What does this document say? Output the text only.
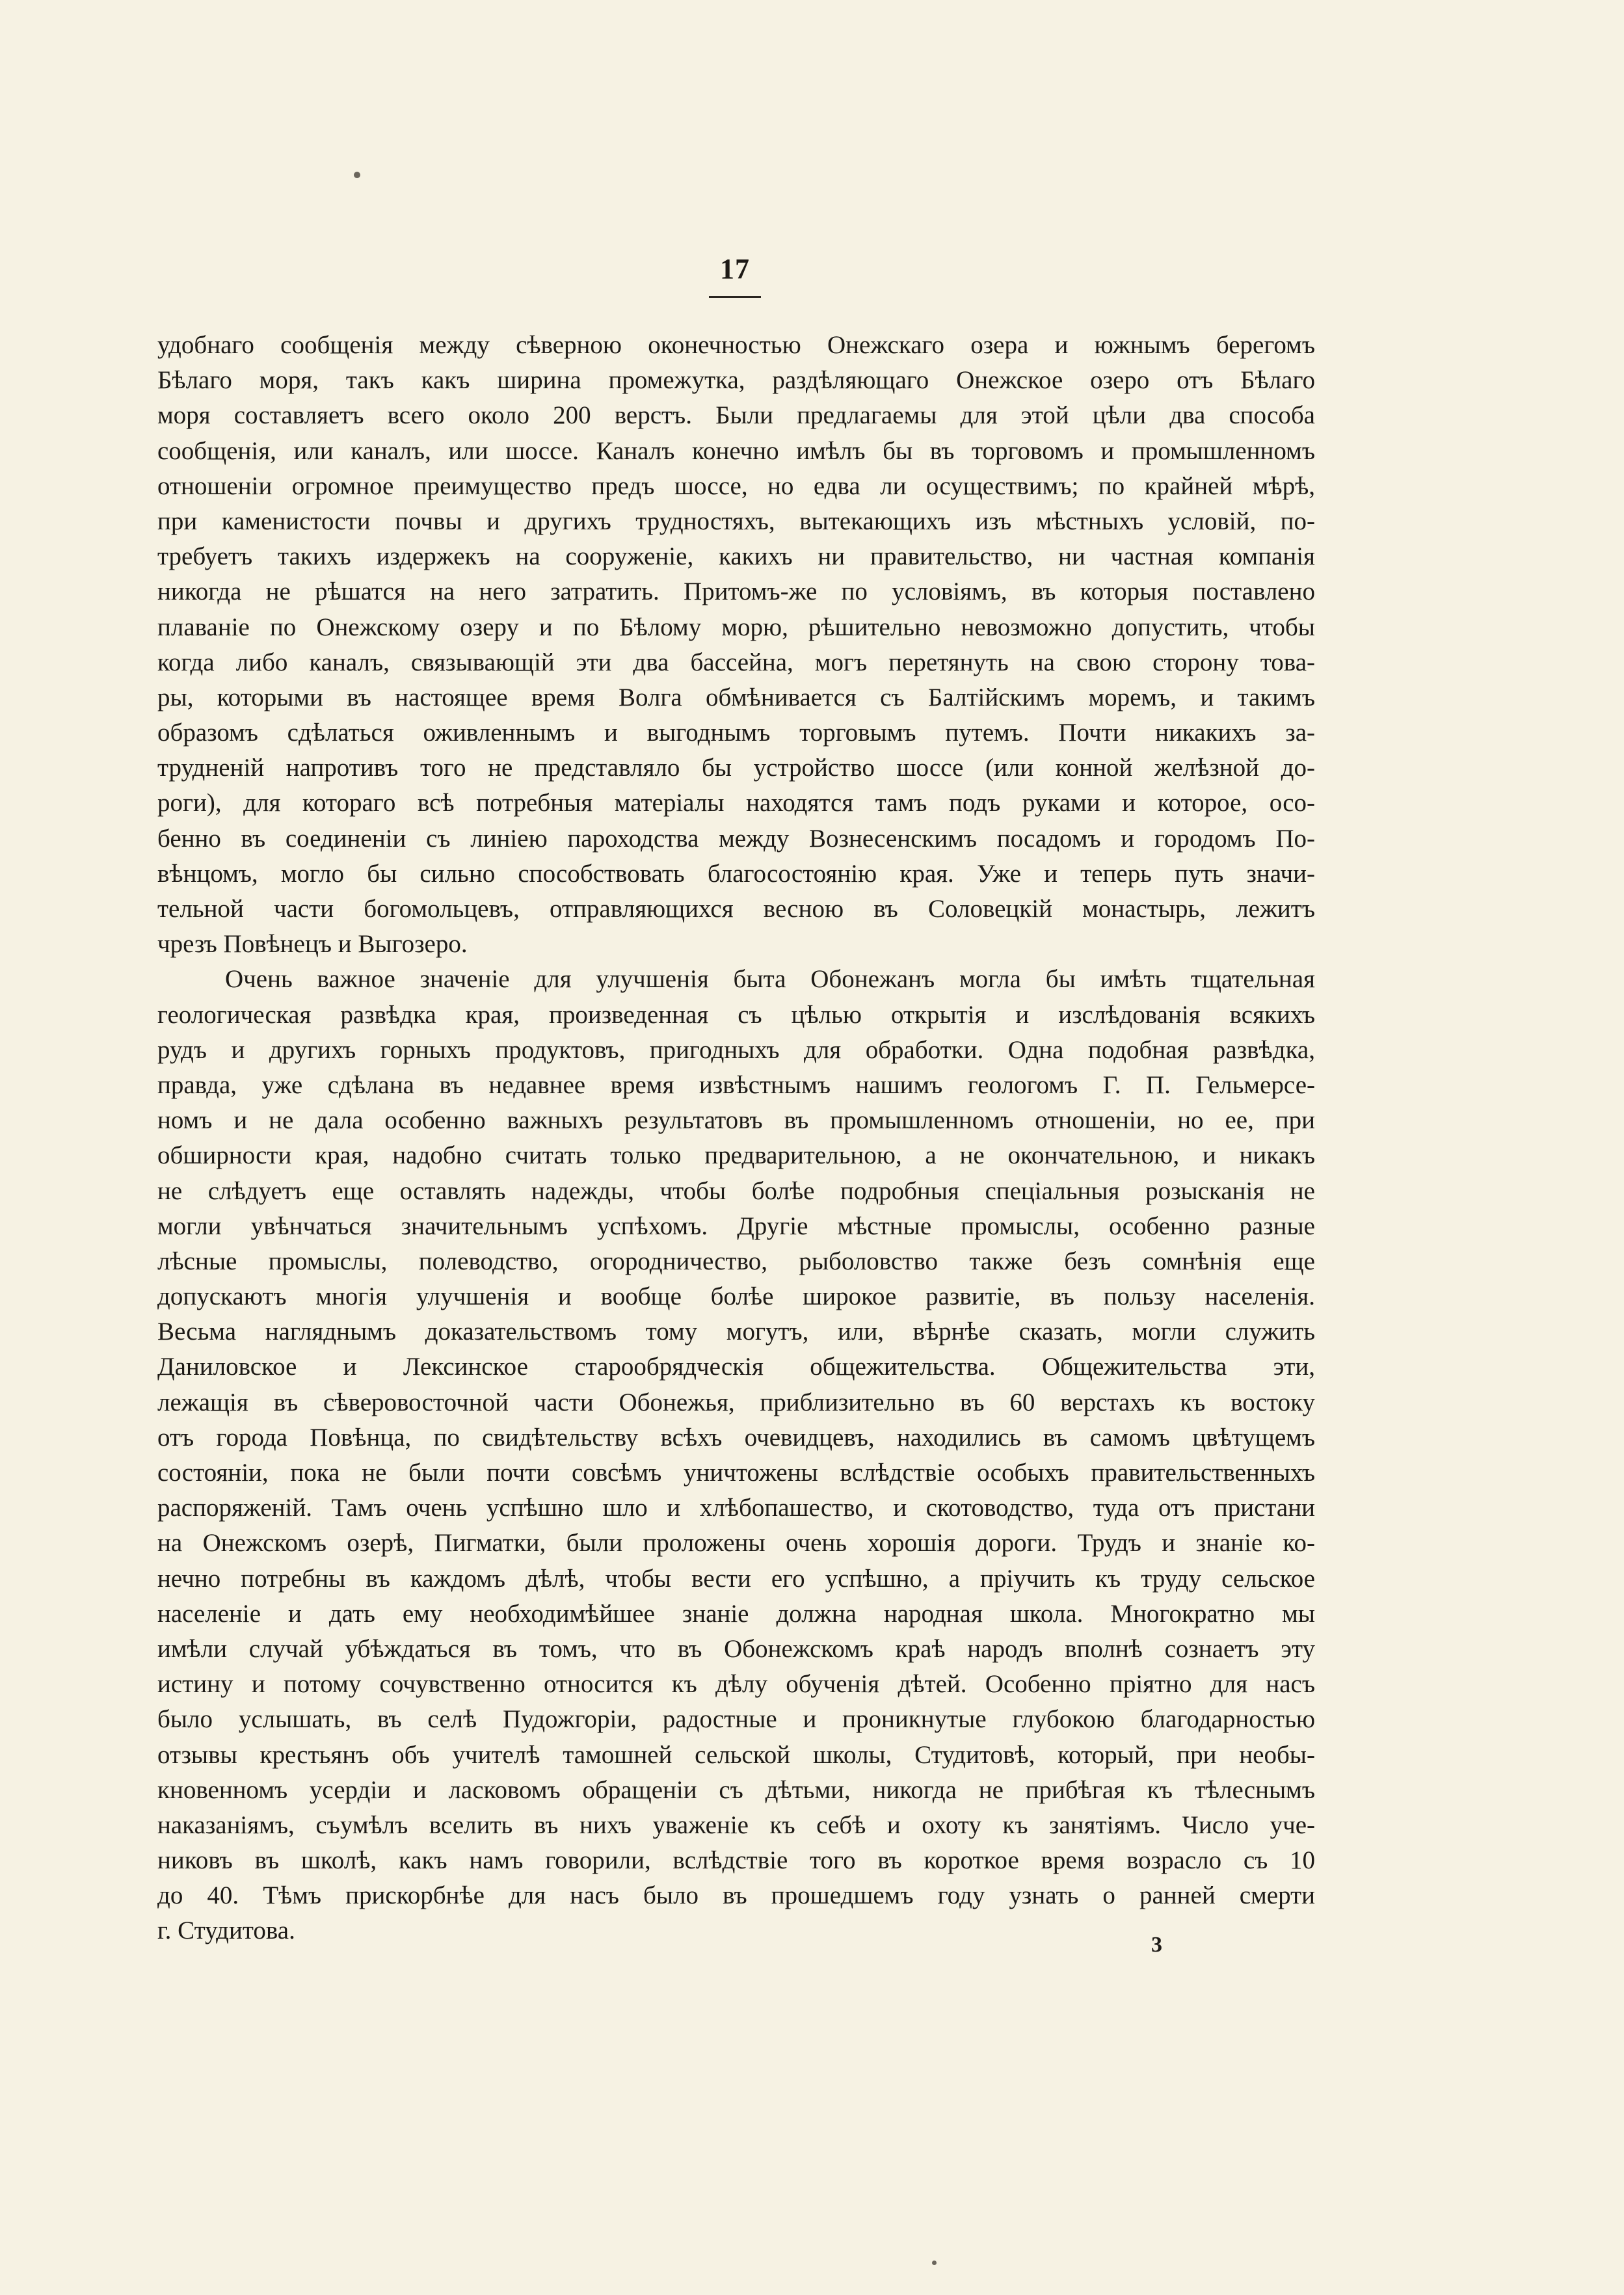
17
удобнаго сообщенія между сѣверною оконечностью Онежскаго озера и южнымъ берегомъ
Бѣлаго моря, такъ какъ ширина промежутка, раздѣляющаго Онежское озеро отъ Бѣлаго
моря составляетъ всего около 200 верстъ. Были предлагаемы для этой цѣли два способа
сообщенія, или каналъ, или шоссе. Каналъ конечно имѣлъ бы въ торговомъ и промышленномъ
отношеніи огромное преимущество предъ шоссе, но едва ли осуществимъ; по крайней мѣрѣ,
при каменистости почвы и другихъ трудностяхъ, вытекающихъ изъ мѣстныхъ условій, по-
требуетъ такихъ издержекъ на сооруженіе, какихъ ни правительство, ни частная компанія
никогда не рѣшатся на него затратить. Притомъ-же по условіямъ, въ которыя поставлено
плаваніе по Онежскому озеру и по Бѣлому морю, рѣшительно невозможно допустить, чтобы
когда либо каналъ, связывающій эти два бассейна, могъ перетянуть на свою сторону това-
ры, которыми въ настоящее время Волга обмѣнивается съ Балтійскимъ моремъ, и такимъ
образомъ сдѣлаться оживленнымъ и выгоднымъ торговымъ путемъ. Почти никакихъ за-
трудненій напротивъ того не представляло бы устройство шоссе (или конной желѣзной до-
роги), для котораго всѣ потребныя матеріалы находятся тамъ подъ руками и которое, осо-
бенно въ соединеніи съ линіею пароходства между Вознесенскимъ посадомъ и городомъ По-
вѣнцомъ, могло бы сильно способствовать благосостоянію края. Уже и теперь путь значи-
тельной части богомольцевъ, отправляющихся весною въ Соловецкій монастырь, лежитъ
чрезъ Повѣнецъ и Выгозеро.
Очень важное значеніе для улучшенія быта Обонежанъ могла бы имѣть тщательная
геологическая развѣдка края, произведенная съ цѣлью открытія и изслѣдованія всякихъ
рудъ и другихъ горныхъ продуктовъ, пригодныхъ для обработки. Одна подобная развѣдка,
правда, уже сдѣлана въ недавнее время извѣстнымъ нашимъ геологомъ Г. П. Гельмерсе-
номъ и не дала особенно важныхъ результатовъ въ промышленномъ отношеніи, но ее, при
обширности края, надобно считать только предварительною, а не окончательною, и никакъ
не слѣдуетъ еще оставлять надежды, чтобы болѣе подробныя спеціальныя розысканія не
могли увѣнчаться значительнымъ успѣхомъ. Другіе мѣстные промыслы, особенно разные
лѣсные промыслы, полеводство, огородничество, рыболовство также безъ сомнѣнія еще
допускаютъ многія улучшенія и вообще болѣе широкое развитіе, въ пользу населенія.
Весьма нагляднымъ доказательствомъ тому могутъ, или, вѣрнѣе сказать, могли служить
Даниловское и Лексинское старообрядческія общежительства. Общежительства эти,
лежащія въ сѣверовосточной части Обонежья, приблизительно въ 60 верстахъ къ востоку
отъ города Повѣнца, по свидѣтельству всѣхъ очевидцевъ, находились въ самомъ цвѣтущемъ
состояніи, пока не были почти совсѣмъ уничтожены вслѣдствіе особыхъ правительственныхъ
распоряженій. Тамъ очень успѣшно шло и хлѣбопашество, и скотоводство, туда отъ пристани
на Онежскомъ озерѣ, Пигматки, были проложены очень хорошія дороги. Трудъ и знаніе ко-
нечно потребны въ каждомъ дѣлѣ, чтобы вести его успѣшно, а пріучить къ труду сельское
населеніе и дать ему необходимѣйшее знаніе должна народная школа. Многократно мы
имѣли случай убѣждаться въ томъ, что въ Обонежскомъ краѣ народъ вполнѣ сознаетъ эту
истину и потому сочувственно относится къ дѣлу обученія дѣтей. Особенно пріятно для насъ
было услышать, въ селѣ Пудожгоріи, радостные и проникнутые глубокою благодарностью
отзывы крестьянъ объ учителѣ тамошней сельской школы, Студитовѣ, который, при необы-
кновенномъ усердіи и ласковомъ обращеніи съ дѣтьми, никогда не прибѣгая къ тѣлеснымъ
наказаніямъ, съумѣлъ вселить въ нихъ уваженіе къ себѣ и охоту къ занятіямъ. Число уче-
никовъ въ школѣ, какъ намъ говорили, вслѣдствіе того въ короткое время возрасло съ 10
до 40. Тѣмъ прискорбнѣе для насъ было въ прошедшемъ году узнать о ранней смерти
г. Студитова.
3
